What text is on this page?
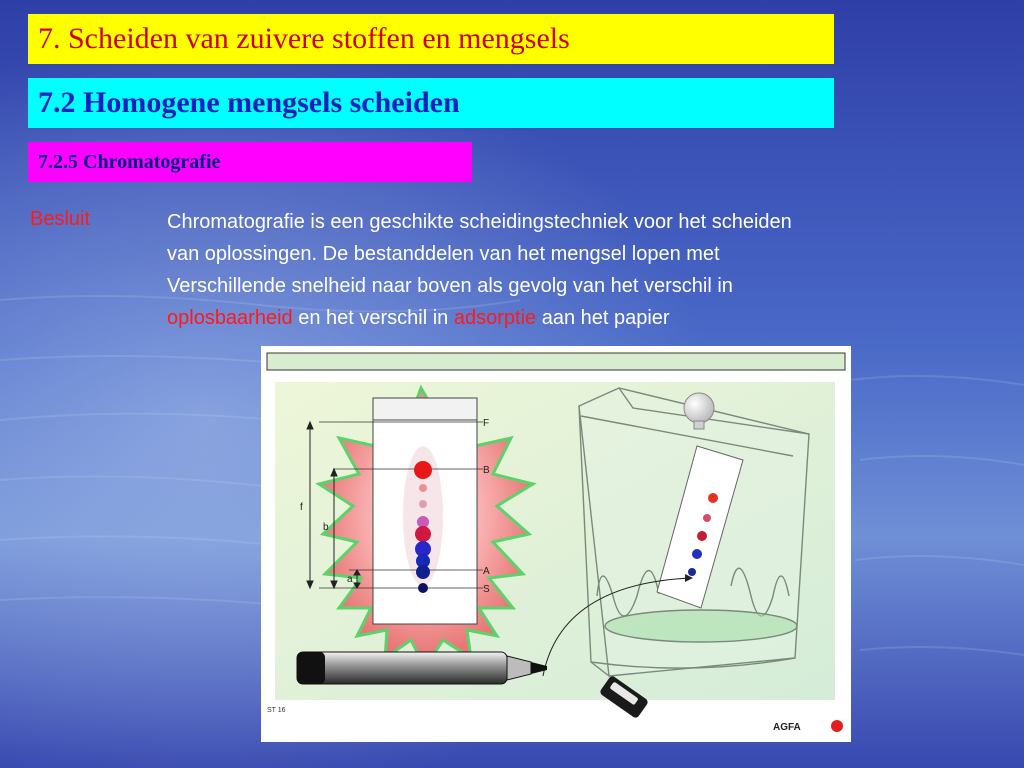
7. Scheiden van zuivere stoffen en mengsels
7.2 Homogene mengsels scheiden
7.2.5 Chromatografie
Besluit	Chromatografie is een geschikte scheidingstechniek voor het scheiden
van oplossingen. De bestanddelen van het mengsel lopen met
Verschillende snelheid naar boven als gevolg van het verschil in
oplosbaarheid en het verschil in adsorptie aan het papier
f
b
a
F
B
A
S
ST 16
AGFA
